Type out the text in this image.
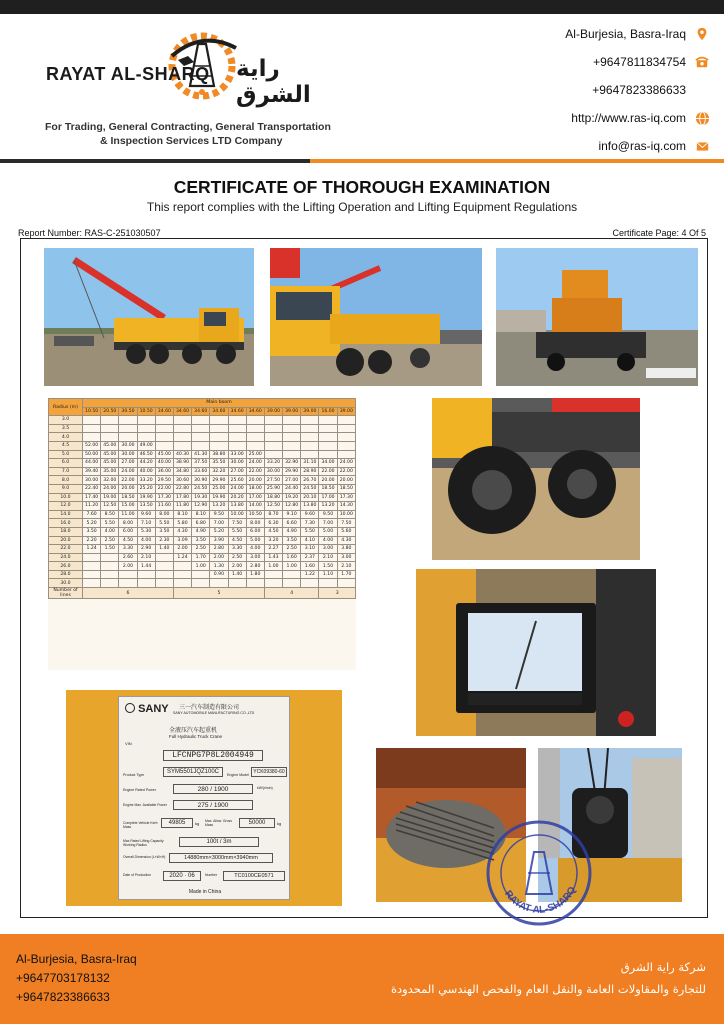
RAYAT AL-SHARQ راية الشرق
For Trading, General Contracting, General Transportation
& Inspection Services LTD Company
Al-Burjesia, Basra-Iraq
+9647811834754
+9647823386633
http://www.ras-iq.com
info@ras-iq.com
CERTIFICATE OF THOROUGH EXAMINATION
This report complies with the Lifting Operation and Lifting Equipment Regulations
Report Number: RAS-C-251030507	Certificate Page: 4 Of 5
Radius (m)	Main boom														
	10.50	20.50	30.50	10.50	34.60	34.60	34.60	34.60	34.60	34.60	39.00	39.00	39.00	16.00	39.00
3.0															
3.5															
4.0															
4.5	52.00	45.00	30.00	49.00											
5.0	50.00	45.00	30.00	46.50	45.00	40.30	41.30	38.80	33.00	25.00					
6.0	44.00	45.00	27.00	44.20	40.00	38.90	37.50	35.50	30.00	24.00	33.20	32.90	31.10	34.00	24.00
7.0	39.40	35.00	24.00	40.00	36.00	34.80	33.60	32.20	27.00	22.00	30.00	29.90	28.90	22.00	22.00
8.0	30.00	32.00	22.00	33.20	29.50	30.60	30.90	29.90	25.60	20.00	27.50	27.00	26.70	20.00	20.00
9.0	22.40	24.00	20.00	25.20	22.00	22.80	24.50	25.00	24.00	18.00	25.90	24.40	24.50	18.50	18.50
10.0	17.40	19.00	18.50	19.90	17.30	17.80	19.30	19.90	20.20	17.00	18.80	19.20	20.10	17.00	17.30
12.0	11.20	12.50	15.00	13.50	11.60	11.80	12.90	13.20	13.80	14.00	12.50	12.80	13.80	13.20	14.30
14.0	7.60	8.50	11.00	9.60	8.00	8.10	8.10	9.50	10.00	10.50	8.70	9.10	9.60	9.50	10.00
16.0	5.20	5.50	8.00	7.10	5.50	5.80	6.80	7.00	7.50	8.00	6.30	6.60	7.30	7.00	7.50
18.0	3.50	4.00	6.00	5.30	3.50	4.30	4.90	5.20	5.50	6.00	4.50	4.90	5.50	5.00	5.60
20.0	2.20	2.50	4.50	4.00	2.30	3.09	3.50	3.90	4.50	5.00	3.20	3.50	4.10	4.00	4.30
22.0	1.24	1.50	3.30	2.90	1.40	2.00	2.50	2.80	3.30	4.00	2.27	2.50	3.10	3.00	3.80
24.0			2.60	2.10		1.24	1.70	2.00	2.50	3.00	1.43	1.60	2.37	2.10	3.00
26.0			2.00	1.44			1.00	1.30	2.00	2.80	1.00	1.00	1.60	1.50	2.10
28.0								0.90	1.40	1.80			1.22	1.10	1.70
30.0															
Number of lines	6					5					4			3	
SANY 三一汽车制造有限公司
SANY AUTOMOBILE MANUFACTURING CO.,LTD
全液压汽车起重机
Full Hydraulic Truck Crane
VIN
LFCNPG7P8L2004949
Product Type	SYM5501JQZ100C	Engine Model YCK09380-60
Engine Rated Power	280 / 1900	kW/(r/min)
Engine Max. Available Power	275 / 1900
Complete Vehicle Kerb Mass
49805	kg Max. Allow. Gross Mass	50000	kg
Max Rated Lifting Capacity Working Radius	100t / 3m
Overall Dimension (L×W×H)	14880mm×3000mm×3940mm
Date of Production	2020 · 06	Number	TC0100CE0571
Made in China	RAYAT AL-SHARQ
Al-Burjesia, Basra-Iraq
+9647703178132
+9647823386633
شركة راية الشرق
للتجارة والمقاولات العامة والنقل العام والفحص الهندسي المحدودة
